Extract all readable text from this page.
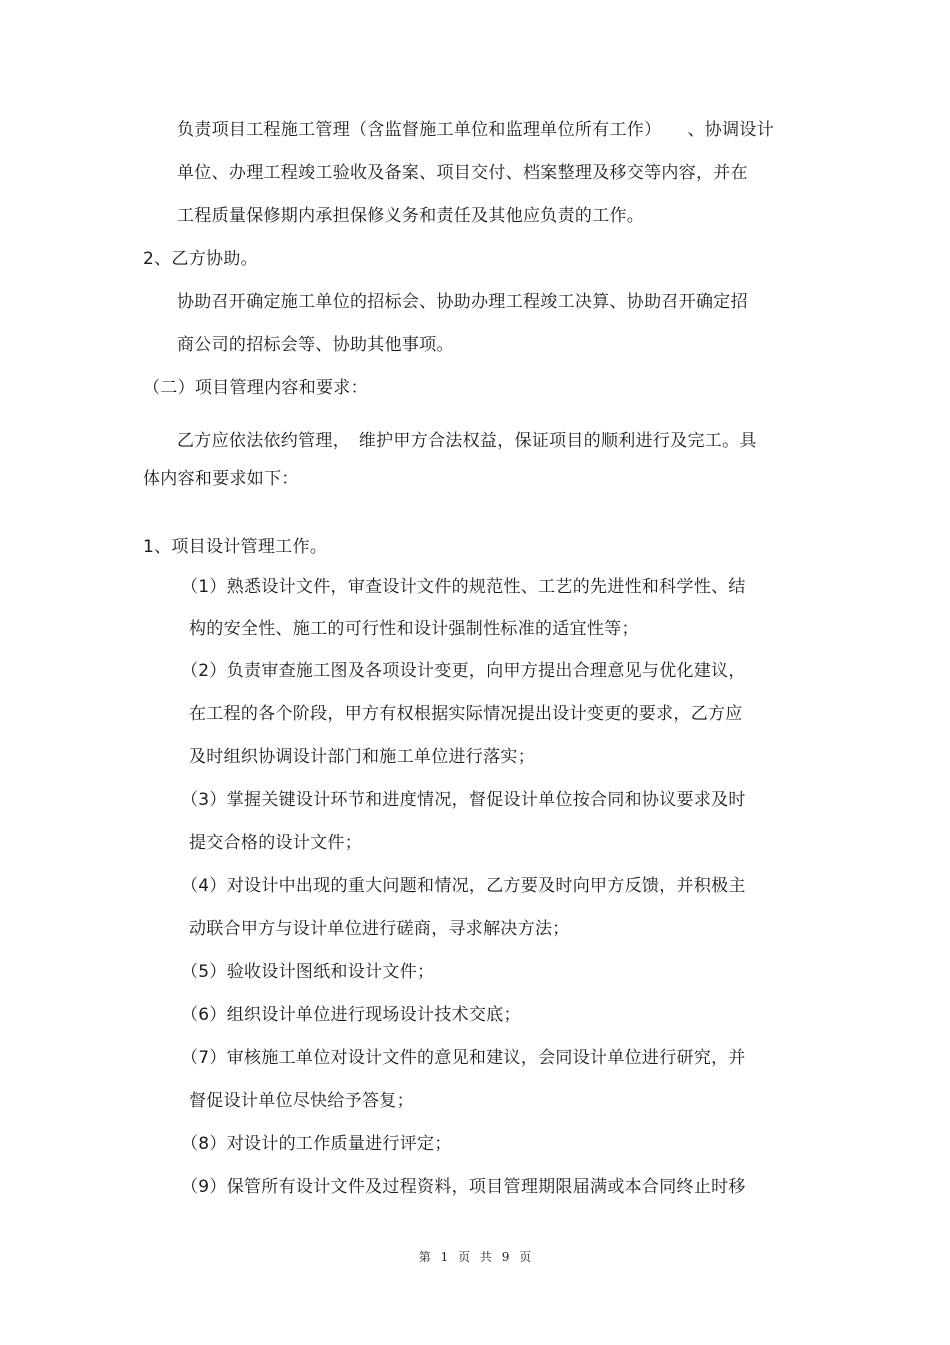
负责项目工程施工管理（含监督施工单位和监理单位所有工作）　　、协调设计
单位、办理工程竣工验收及备案、项目交付、档案整理及移交等内容，并在
工程质量保修期内承担保修义务和责任及其他应负责的工作。
2、乙方协助。
协助召开确定施工单位的招标会、协助办理工程竣工决算、协助召开确定招
商公司的招标会等、协助其他事项。
（二）项目管理内容和要求：
乙方应依法依约管理，　维护甲方合法权益，保证项目的顺利进行及完工。具
体内容和要求如下：
1、项目设计管理工作。
（1）熟悉设计文件，审查设计文件的规范性、工艺的先进性和科学性、结
构的安全性、施工的可行性和设计强制性标准的适宜性等；
（2）负责审查施工图及各项设计变更，向甲方提出合理意见与优化建议，
在工程的各个阶段，甲方有权根据实际情况提出设计变更的要求，乙方应
及时组织协调设计部门和施工单位进行落实；
（3）掌握关键设计环节和进度情况，督促设计单位按合同和协议要求及时
提交合格的设计文件；
（4）对设计中出现的重大问题和情况，乙方要及时向甲方反馈，并积极主
动联合甲方与设计单位进行磋商，寻求解决方法；
（5）验收设计图纸和设计文件；
（6）组织设计单位进行现场设计技术交底；
（7）审核施工单位对设计文件的意见和建议，会同设计单位进行研究，并
督促设计单位尽快给予答复；
（8）对设计的工作质量进行评定；
（9）保管所有设计文件及过程资料，项目管理期限届满或本合同终止时移
第 1 页 共 9 页
